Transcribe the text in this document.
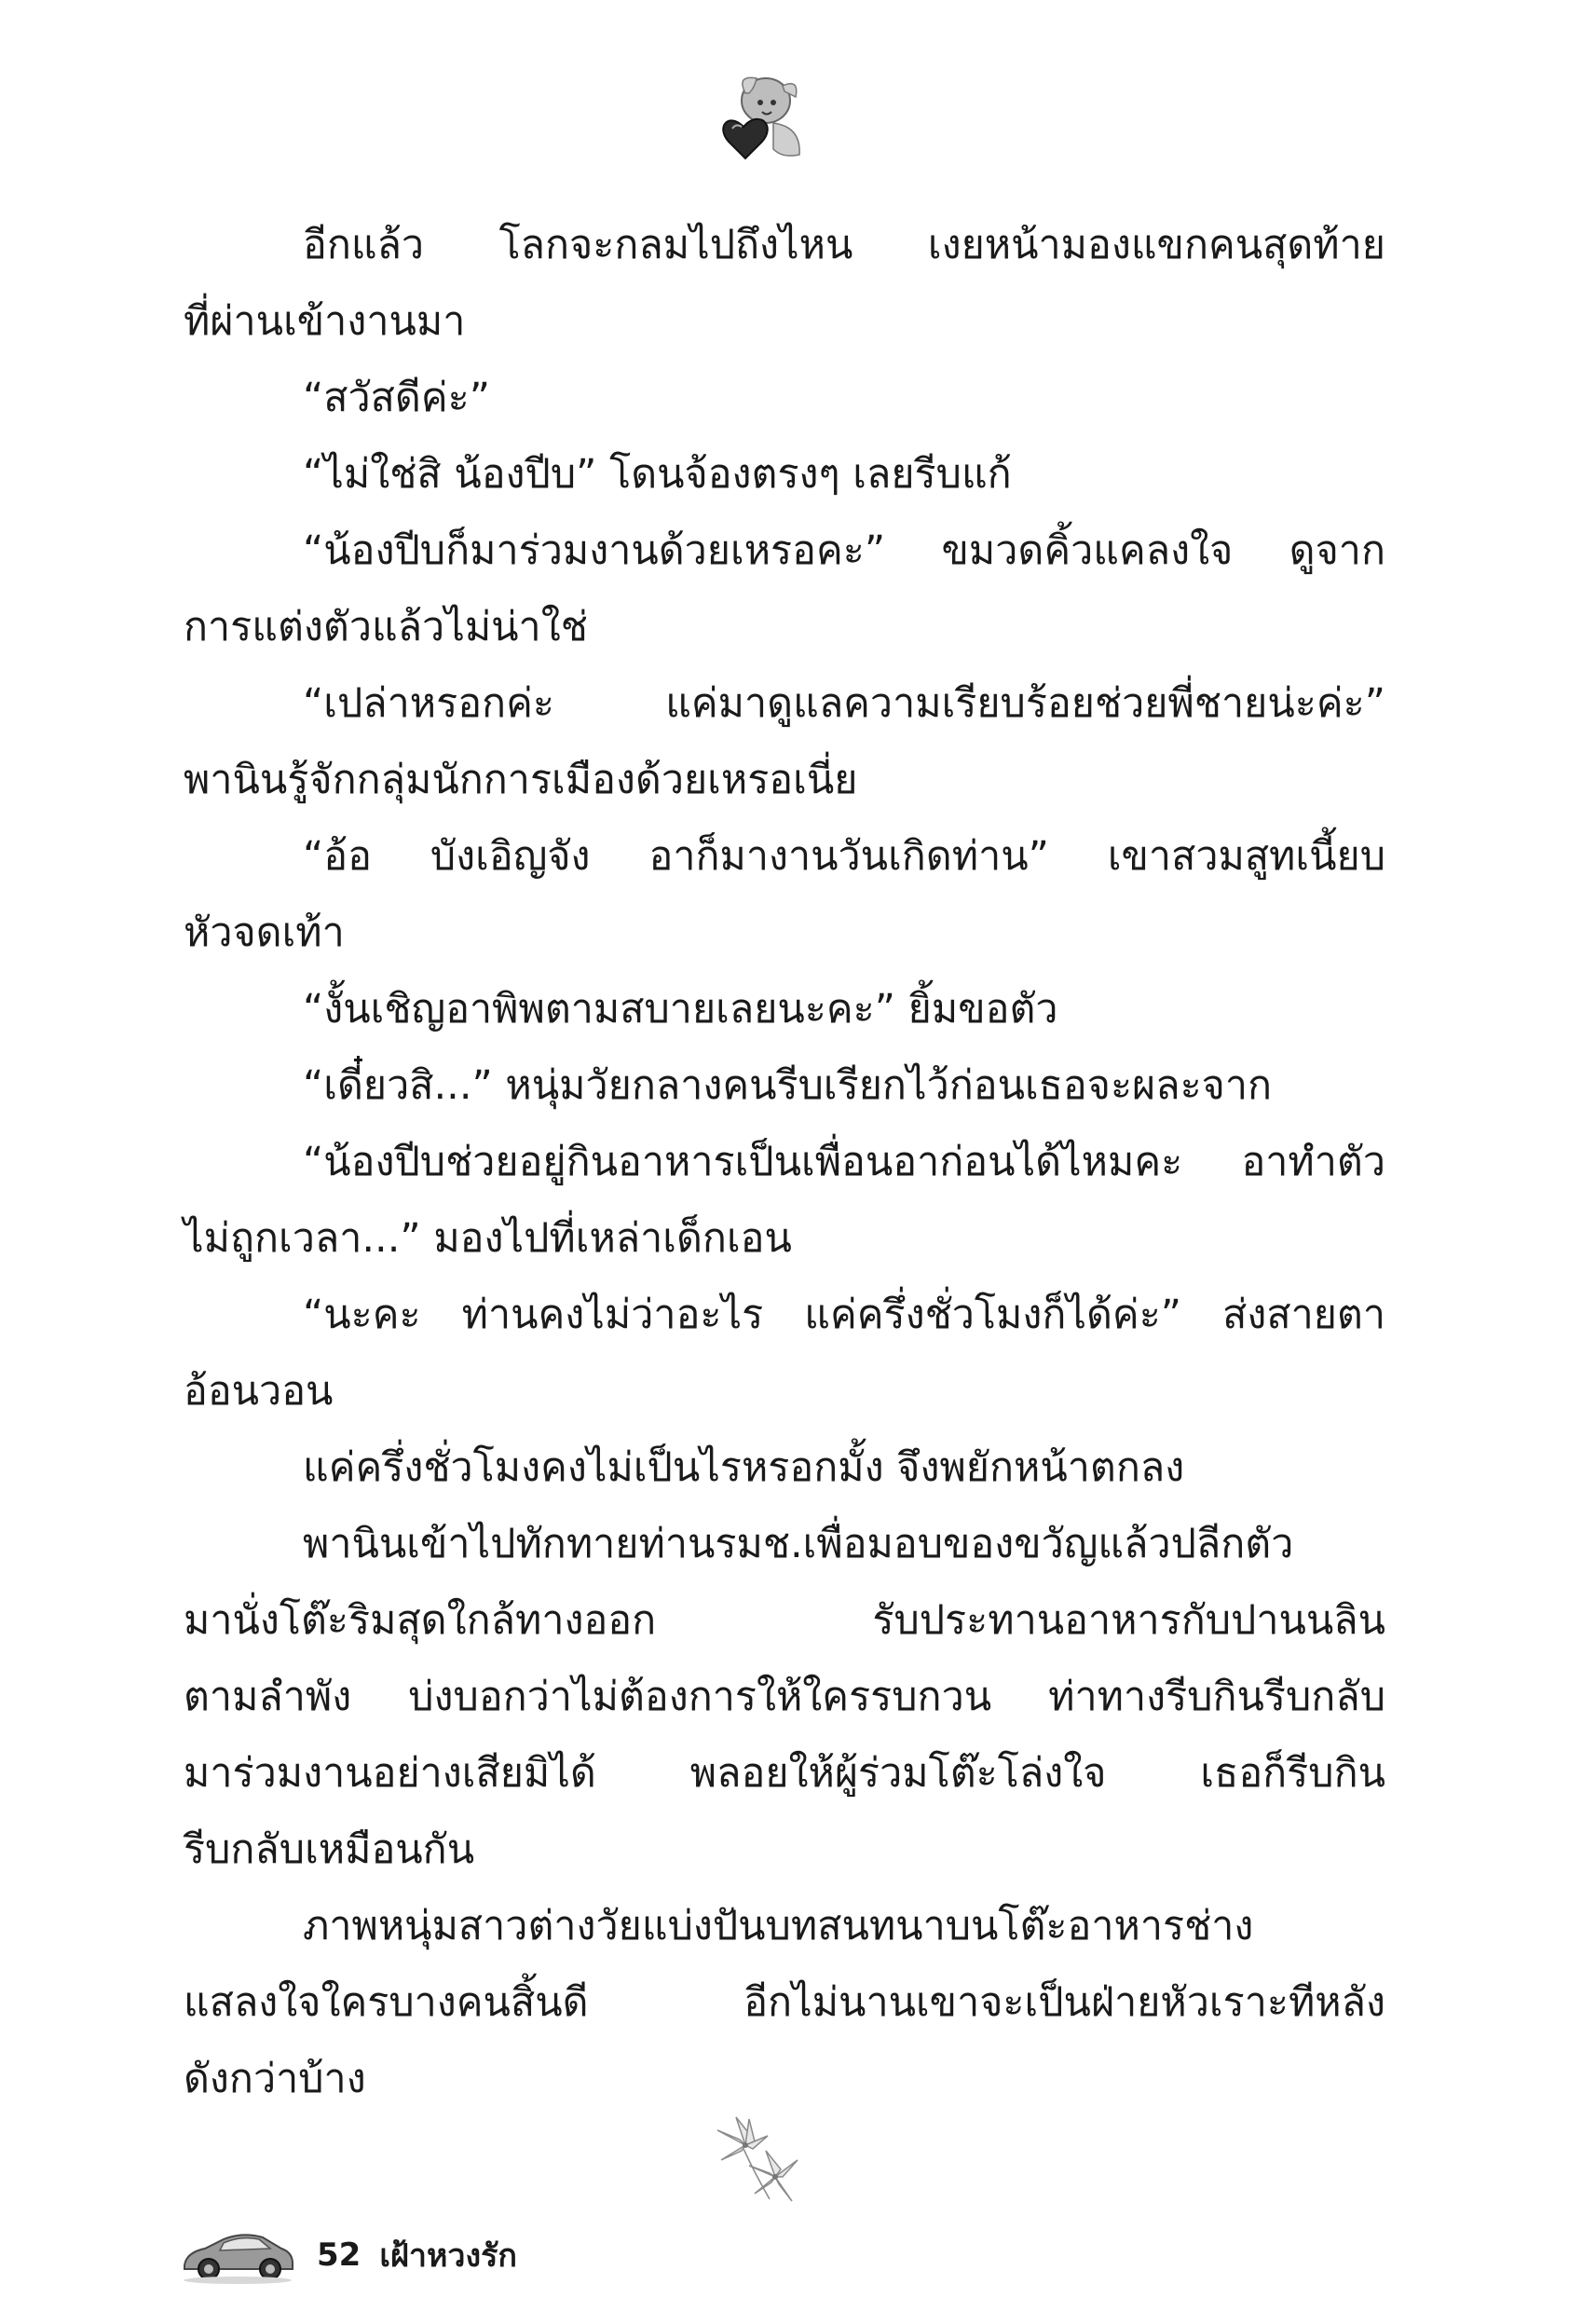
อีกแล้ว โลกจะกลมไปถึงไหน เงยหน้ามองแขกคนสุดท้าย
ที่ผ่านเข้างานมา
“สวัสดีค่ะ”
“ไม่ใช่สิ น้องปีบ” โดนจ้องตรงๆ เลยรีบแก้
“น้องปีบก็มาร่วมงานด้วยเหรอคะ” ขมวดคิ้วแคลงใจ ดูจาก
การแต่งตัวแล้วไม่น่าใช่
“เปล่าหรอกค่ะ แค่มาดูแลความเรียบร้อยช่วยพี่ชายน่ะค่ะ”
พานินรู้จักกลุ่มนักการเมืองด้วยเหรอเนี่ย
“อ้อ บังเอิญจัง อาก็มางานวันเกิดท่าน” เขาสวมสูทเนี้ยบ
หัวจดเท้า
“งั้นเชิญอาพิพตามสบายเลยนะคะ” ยิ้มขอตัว
“เดี๋ยวสิ...” หนุ่มวัยกลางคนรีบเรียกไว้ก่อนเธอจะผละจาก
“น้องปีบช่วยอยู่กินอาหารเป็นเพื่อนอาก่อนได้ไหมคะ อาทำตัว
ไม่ถูกเวลา...” มองไปที่เหล่าเด็กเอน
“นะคะ ท่านคงไม่ว่าอะไร แค่ครึ่งชั่วโมงก็ได้ค่ะ” ส่งสายตา
อ้อนวอน
แค่ครึ่งชั่วโมงคงไม่เป็นไรหรอกมั้ง จึงพยักหน้าตกลง
พานินเข้าไปทักทายท่านรมช.เพื่อมอบของขวัญแล้วปลีกตัว
มานั่งโต๊ะริมสุดใกล้ทางออก รับประทานอาหารกับปานนลิน
ตามลำพัง บ่งบอกว่าไม่ต้องการให้ใครรบกวน ท่าทางรีบกินรีบกลับ
มาร่วมงานอย่างเสียมิได้ พลอยให้ผู้ร่วมโต๊ะโล่งใจ เธอก็รีบกิน
รีบกลับเหมือนกัน
ภาพหนุ่มสาวต่างวัยแบ่งปันบทสนทนาบนโต๊ะอาหารช่าง
แสลงใจใครบางคนสิ้นดี อีกไม่นานเขาจะเป็นฝ่ายหัวเราะทีหลัง
ดังกว่าบ้าง
52 เฝ้าหวงรัก
